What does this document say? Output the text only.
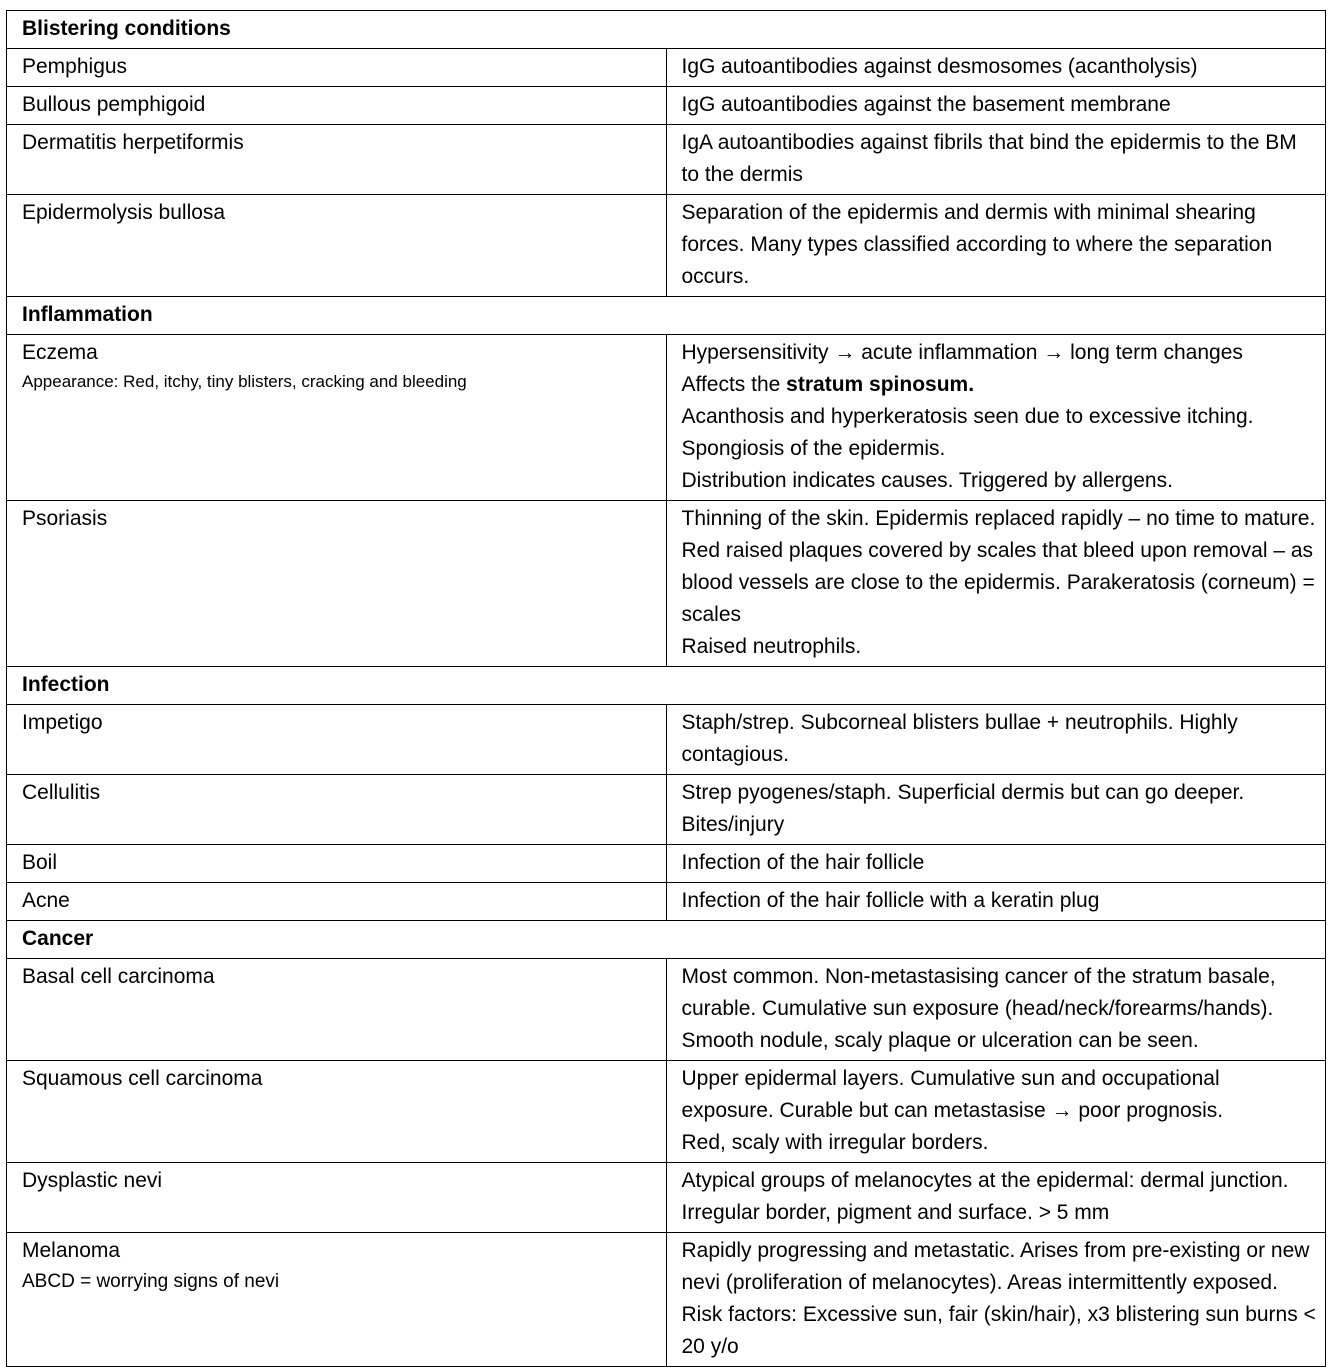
Blistering conditions	
Pemphigus	IgG autoantibodies against desmosomes (acantholysis)

Bullous pemphigoid	IgG autoantibodies against the basement membrane

Dermatitis herpetiformis	IgA autoantibodies against fibrils that bind the epidermis to the BM to the dermis

Epidermolysis bullosa	Separation of the epidermis and dermis with minimal shearing forces. Many types classified according to where the separation occurs.

Inflammation	

Eczema
Appearance: Red, itchy, tiny blisters, cracking and bleeding	Hypersensitivity → acute inflammation → long term changes
Affects the stratum spinosum.
Acanthosis and hyperkeratosis seen due to excessive itching. Spongiosis of the epidermis.
Distribution indicates causes. Triggered by allergens.

Psoriasis	Thinning of the skin. Epidermis replaced rapidly – no time to mature.
Red raised plaques covered by scales that bleed upon removal – as blood vessels are close to the epidermis. Parakeratosis (corneum) = scales
Raised neutrophils.

Infection	
Impetigo	Staph/strep. Subcorneal blisters bullae + neutrophils. Highly contagious.

Cellulitis	Strep pyogenes/staph. Superficial dermis but can go deeper. Bites/injury

Boil	Infection of the hair follicle

Acne	Infection of the hair follicle with a keratin plug

Cancer	
Basal cell carcinoma	Most common. Non-metastasising cancer of the stratum basale, curable. Cumulative sun exposure (head/neck/forearms/hands).
Smooth nodule, scaly plaque or ulceration can be seen.

Squamous cell carcinoma	Upper epidermal layers. Cumulative sun and occupational exposure. Curable but can metastasise → poor prognosis.
Red, scaly with irregular borders.

Dysplastic nevi	Atypical groups of melanocytes at the epidermal: dermal junction. Irregular border, pigment and surface. > 5 mm

Melanoma
ABCD = worrying signs of nevi	Rapidly progressing and metastatic. Arises from pre-existing or new nevi (proliferation of melanocytes). Areas intermittently exposed.
Risk factors: Excessive sun, fair (skin/hair), x3 blistering sun burns < 20 y/o
